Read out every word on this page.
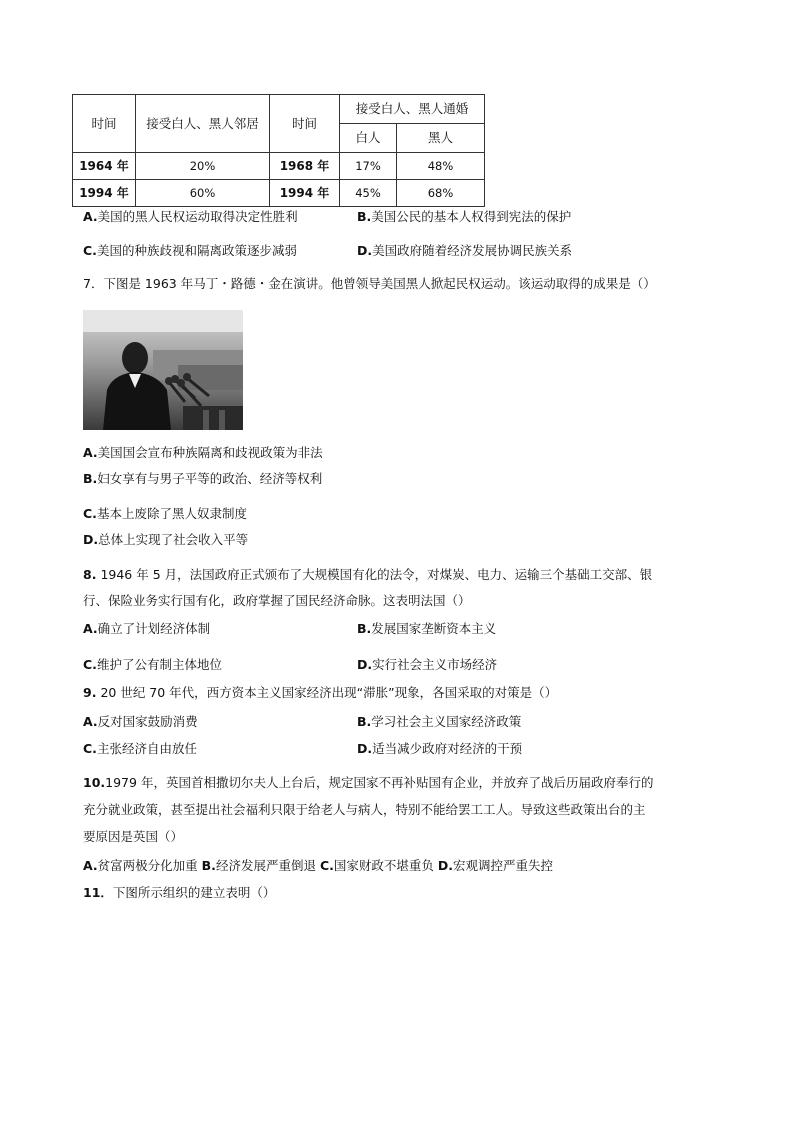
时间	接受白人、黑人邻居	时间	接受白人、黑人通婚	
			白人	黑人
1964 年	20%	1968 年	17%	48%
1994 年	60%	1994 年	45%	68%
A.美国的黑人民权运动取得决定性胜利	B.美国公民的基本人权得到宪法的保护
C.美国的种族歧视和隔离政策逐步减弱	D.美国政府随着经济发展协调民族关系
7．下图是 1963 年马丁・路德・金在演讲。他曾领导美国黑人掀起民权运动。该运动取得的成果是（）
A.美国国会宣布种族隔离和歧视政策为非法
B.妇女享有与男子平等的政治、经济等权利
C.基本上废除了黑人奴隶制度
D.总体上实现了社会收入平等
8. 1946 年 5 月，法国政府正式颁布了大规模国有化的法令，对煤炭、电力、运输三个基础工交部、银
行、保险业务实行国有化，政府掌握了国民经济命脉。这表明法国（）
A.确立了计划经济体制	B.发展国家垄断资本主义
C.维护了公有制主体地位	D.实行社会主义市场经济
9. 20 世纪 70 年代，西方资本主义国家经济出现“滞胀”现象，各国采取的对策是（）
A.反对国家鼓励消费	B.学习社会主义国家经济政策
C.主张经济自由放任	D.适当减少政府对经济的干预
10.1979 年，英国首相撒切尔夫人上台后，规定国家不再补贴国有企业，并放弃了战后历届政府奉行的
充分就业政策，甚至提出社会福利只限于给老人与病人，特别不能给罢工工人。导致这些政策出台的主
要原因是英国（）
A.贫富两极分化加重 B.经济发展严重倒退 C.国家财政不堪重负 D.宏观调控严重失控
11．下图所示组织的建立表明（）
